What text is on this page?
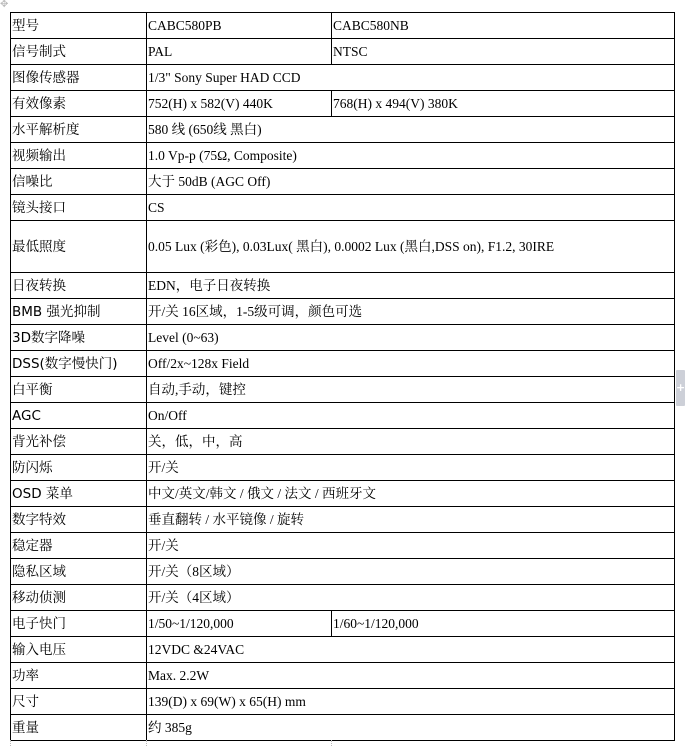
✥
型号	CABC580PB	CABC580NB
信号制式	PAL	NTSC
图像传感器	1/3" Sony Super HAD CCD	
有效像素	752(H) x 582(V) 440K	768(H) x 494(V) 380K
水平解析度	580 线 (650线 黑白)	
视频输出	1.0 Vp-p (75Ω, Composite)	
信噪比	大于 50dB (AGC Off)	
镜头接口	CS	
最低照度	0.05 Lux (彩色), 0.03Lux( 黑白), 0.0002 Lux (黑白,DSS on), F1.2, 30IRE	
日夜转换	EDN，电子日夜转换	
BMB 强光抑制	开/关 16区域，1-5级可调，颜色可选	
3D数字降噪	Level (0~63)	
DSS(数字慢快门)	Off/2x~128x Field	
白平衡	自动,手动，键控	
AGC	On/Off	
背光补偿	关，低，中，高	
防闪烁	开/关	
OSD 菜单	中文/英文/韩文 / 俄文 / 法文 / 西班牙文	
数字特效	垂直翻转 / 水平镜像 / 旋转	
稳定器	开/关	
隐私区域	开/关（8区域）	
移动侦测	开/关（4区域）	
电子快门	1/50~1/120,000	1/60~1/120,000
输入电压	12VDC &24VAC	
功率	Max. 2.2W	
尺寸	139(D) x 69(W) x 65(H) mm	
重量	约 385g	
+
